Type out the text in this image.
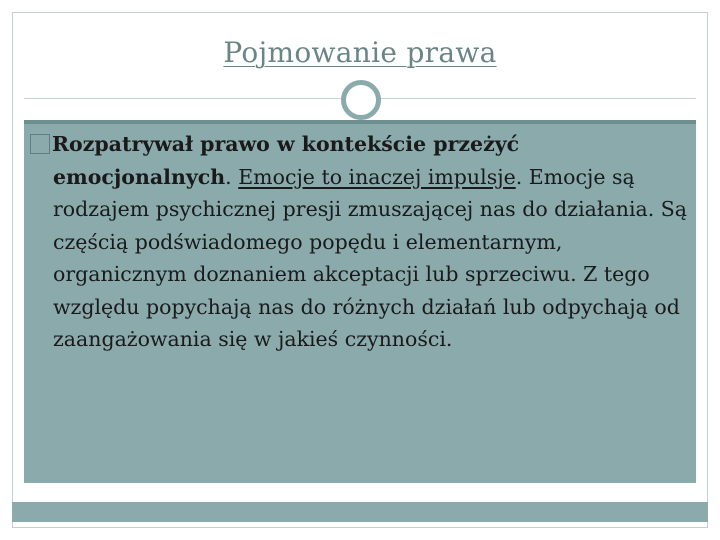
Pojmowanie prawa

Rozpatrywał prawo w kontekście przeżyć emocjonalnych. Emocje to inaczej impulsje. Emocje są rodzajem psychicznej presji zmuszającej nas do działania. Są częścią podświadomego popędu i elementarnym, organicznym doznaniem akceptacji lub sprzeciwu. Z tego względu popychają nas do różnych działań lub odpychają od zaangażowania się w jakieś czynności.
